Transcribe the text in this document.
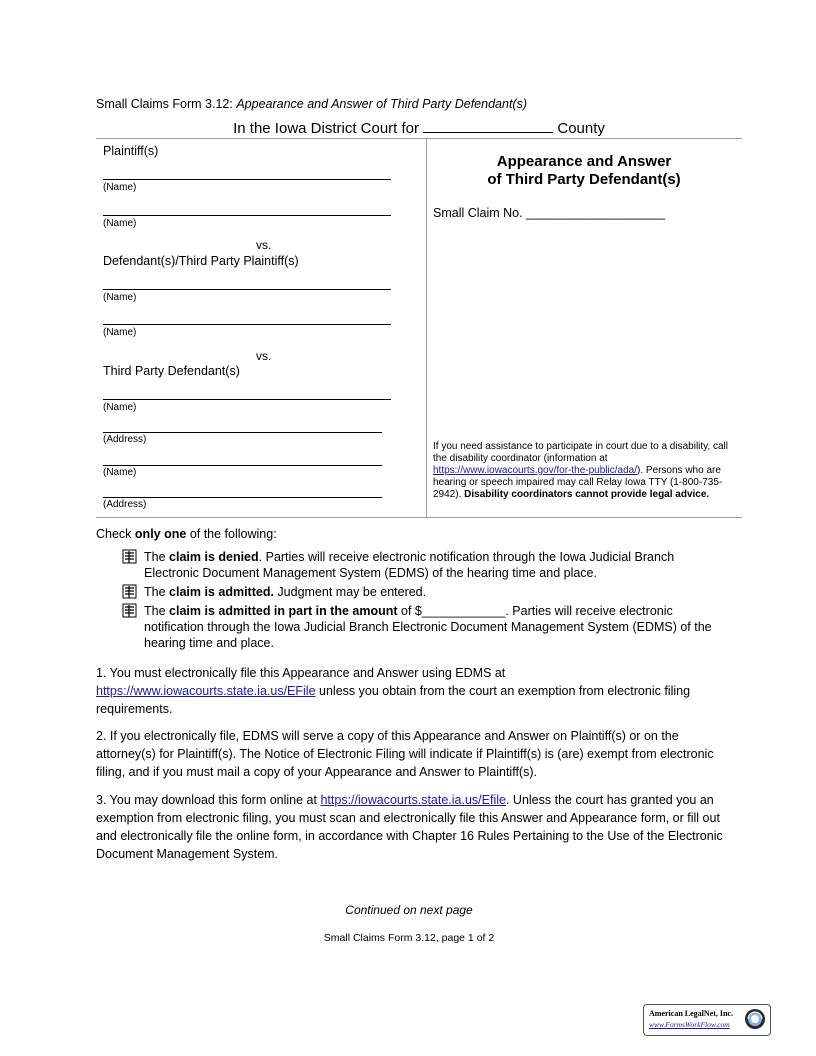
Small Claims Form 3.12: Appearance and Answer of Third Party Defendant(s)
In the Iowa District Court for	County
Plaintiff(s)
(Name)
(Name)
vs.
Defendant(s)/Third Party Plaintiff(s)
(Name)
(Name)
vs.
Third Party Defendant(s)
(Name)
(Address)
(Name)
(Address)
Appearance and Answer
of Third Party Defendant(s)
Small Claim No. ____________________
If you need assistance to participate in court due to a disability, call the disability coordinator (information at https://www.iowacourts.gov/for-the-public/ada/). Persons who are hearing or speech impaired may call Relay Iowa TTY (1-800-735-2942). Disability coordinators cannot provide legal advice.
Check only one of the following:
The claim is denied. Parties will receive electronic notification through the Iowa Judicial Branch Electronic Document Management System (EDMS) of the hearing time and place.
The claim is admitted. Judgment may be entered.
The claim is admitted in part in the amount of $____________. Parties will receive electronic notification through the Iowa Judicial Branch Electronic Document Management System (EDMS) of the hearing time and place.
1. You must electronically file this Appearance and Answer using EDMS at https://www.iowacourts.state.ia.us/EFile unless you obtain from the court an exemption from electronic filing requirements.
2. If you electronically file, EDMS will serve a copy of this Appearance and Answer on Plaintiff(s) or on the attorney(s) for Plaintiff(s). The Notice of Electronic Filing will indicate if Plaintiff(s) is (are) exempt from electronic filing, and if you must mail a copy of your Appearance and Answer to Plaintiff(s).
3. You may download this form online at https://iowacourts.state.ia.us/Efile. Unless the court has granted you an exemption from electronic filing, you must scan and electronically file this Answer and Appearance form, or fill out and electronically file the online form, in accordance with Chapter 16 Rules Pertaining to the Use of the Electronic Document Management System.
Continued on next page
Small Claims Form 3.12, page 1 of 2
American LegalNet, Inc.
www.FormsWorkFlow.com
